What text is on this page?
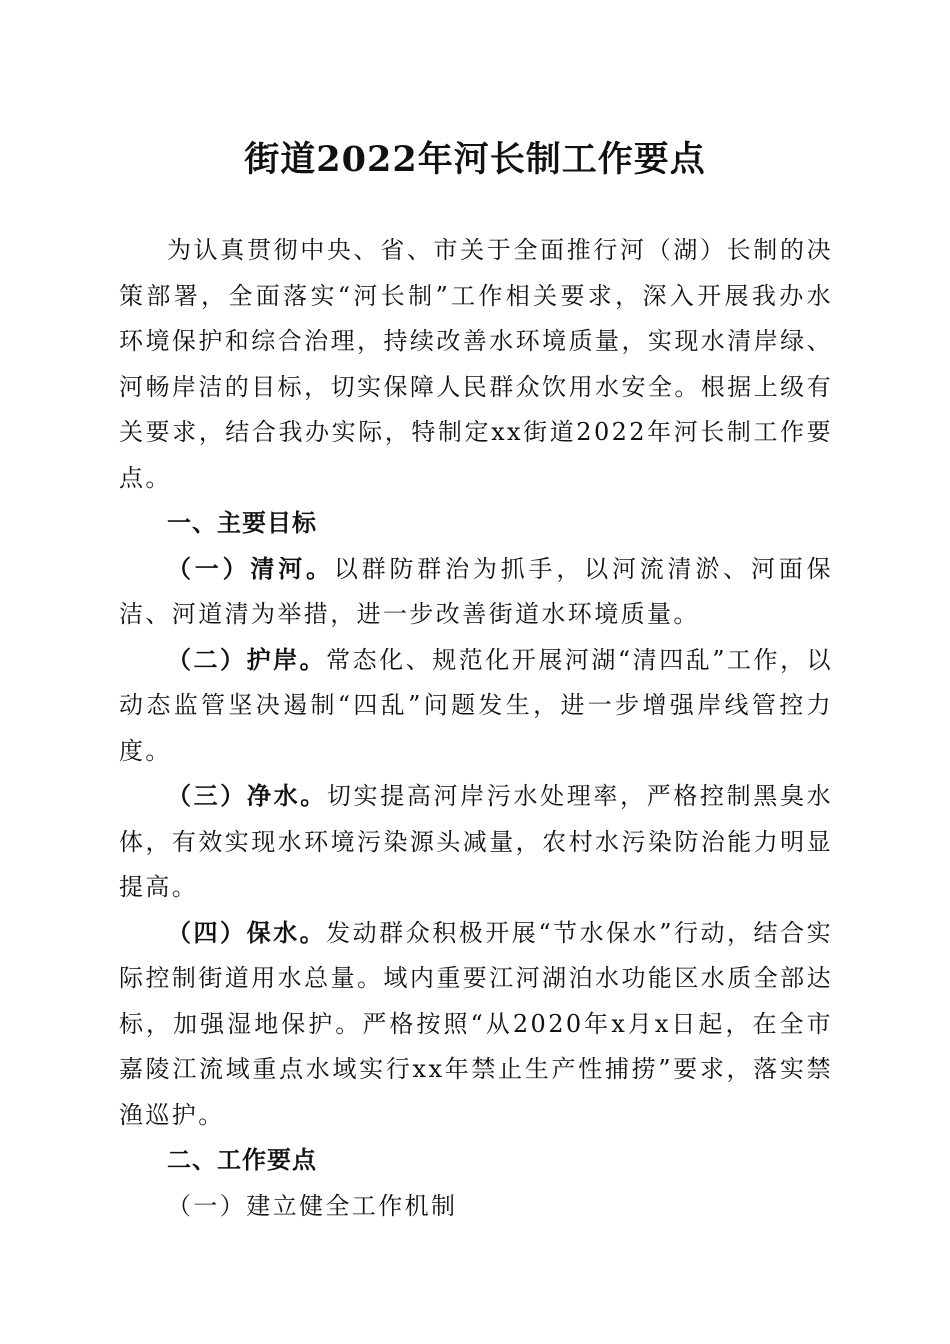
街道2022年河长制工作要点

为认真贯彻中央、省、市关于全面推行河（湖）长制的决策部署，全面落实“河长制”工作相关要求，深入开展我办水环境保护和综合治理，持续改善水环境质量，实现水清岸绿、河畅岸洁的目标，切实保障人民群众饮用水安全。根据上级有关要求，结合我办实际，特制定xx街道2022年河长制工作要点。

一、主要目标

（一）清河。以群防群治为抓手，以河流清淤、河面保洁、河道清为举措，进一步改善街道水环境质量。

（二）护岸。常态化、规范化开展河湖“清四乱”工作，以动态监管坚决遏制“四乱”问题发生，进一步增强岸线管控力度。

（三）净水。切实提高河岸污水处理率，严格控制黑臭水体，有效实现水环境污染源头减量，农村水污染防治能力明显提高。

（四）保水。发动群众积极开展“节水保水”行动，结合实际控制街道用水总量。域内重要江河湖泊水功能区水质全部达标，加强湿地保护。严格按照“从2020年x月x日起，在全市嘉陵江流域重点水域实行xx年禁止生产性捕捞”要求，落实禁渔巡护。

二、工作要点

（一）建立健全工作机制
